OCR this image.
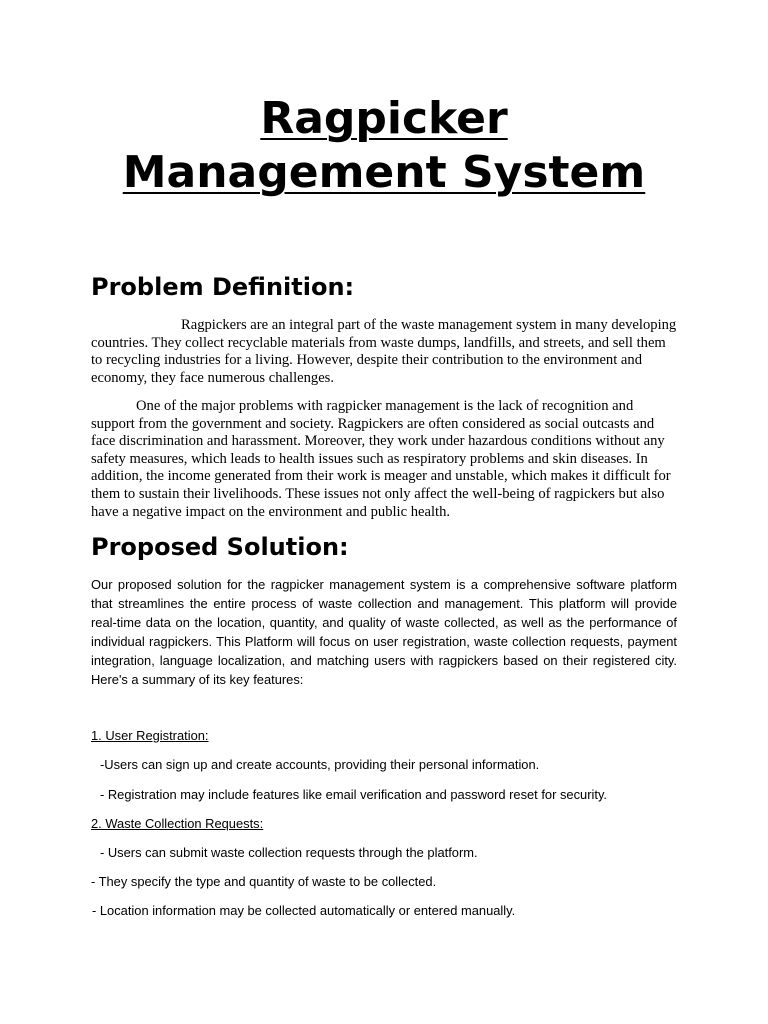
Ragpicker
Management System
Problem Definition:

Ragpickers are an integral part of the waste management system in many developing countries. They collect recyclable materials from waste dumps, landfills, and streets, and sell them to recycling industries for a living. However, despite their contribution to the environment and economy, they face numerous challenges.

One of the major problems with ragpicker management is the lack of recognition and support from the government and society. Ragpickers are often considered as social outcasts and face discrimination and harassment. Moreover, they work under hazardous conditions without any safety measures, which leads to health issues such as respiratory problems and skin diseases. In addition, the income generated from their work is meager and unstable, which makes it difficult for them to sustain their livelihoods. These issues not only affect the well-being of ragpickers but also have a negative impact on the environment and public health.

Proposed Solution:

Our proposed solution for the ragpicker management system is a comprehensive software platform that streamlines the entire process of waste collection and management. This platform will provide real-time data on the location, quantity, and quality of waste collected, as well as the performance of individual ragpickers. This Platform will focus on user registration, waste collection requests, payment integration, language localization, and matching users with ragpickers based on their registered city. Here's a summary of its key features:

1. User Registration:

-Users can sign up and create accounts, providing their personal information.

- Registration may include features like email verification and password reset for security.

2. Waste Collection Requests:

- Users can submit waste collection requests through the platform.

- They specify the type and quantity of waste to be collected.

- Location information may be collected automatically or entered manually.
